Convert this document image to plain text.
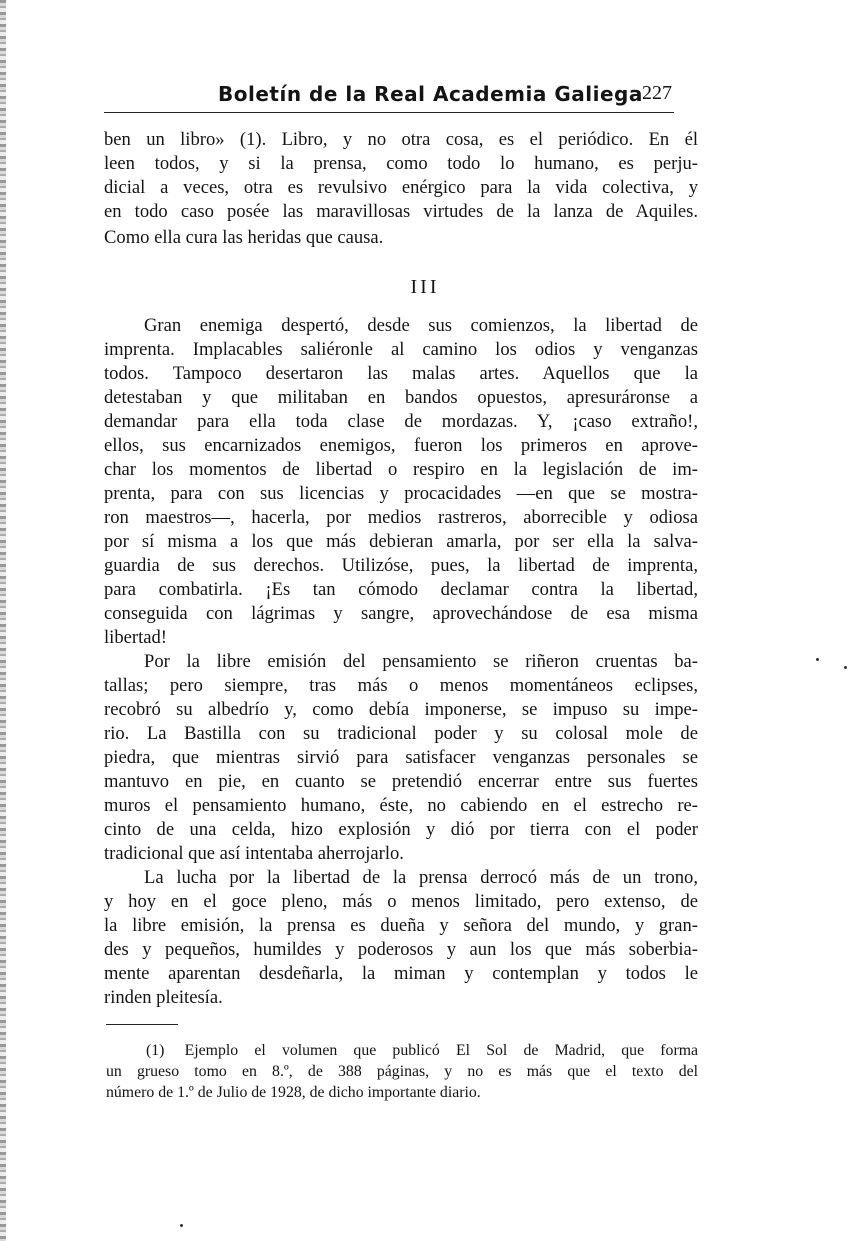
Boletín de la Real Academia Galiega 227
ben un libro» (1). Libro, y no otra cosa, es el periódico. En él
leen todos, y si la prensa, como todo lo humano, es perju-
dicial a veces, otra es revulsivo enérgico para la vida colectiva, y
en todo caso posée las maravillosas virtudes de la lanza de Aquiles.
Como ella cura las heridas que causa.
III
Gran enemiga despertó, desde sus comienzos, la libertad de
imprenta. Implacables saliéronle al camino los odios y venganzas
todos. Tampoco desertaron las malas artes. Aquellos que la
detestaban y que militaban en bandos opuestos, apresuráronse a
demandar para ella toda clase de mordazas. Y, ¡caso extraño!,
ellos, sus encarnizados enemigos, fueron los primeros en aprove-
char los momentos de libertad o respiro en la legislación de im-
prenta, para con sus licencias y procacidades —en que se mostra-
ron maestros—, hacerla, por medios rastreros, aborrecible y odiosa
por sí misma a los que más debieran amarla, por ser ella la salva-
guardia de sus derechos. Utilizóse, pues, la libertad de imprenta,
para combatirla. ¡Es tan cómodo declamar contra la libertad,
conseguida con lágrimas y sangre, aprovechándose de esa misma
libertad!
Por la libre emisión del pensamiento se riñeron cruentas ba-
tallas; pero siempre, tras más o menos momentáneos eclipses,
recobró su albedrío y, como debía imponerse, se impuso su impe-
rio. La Bastilla con su tradicional poder y su colosal mole de
piedra, que mientras sirvió para satisfacer venganzas personales se
mantuvo en pie, en cuanto se pretendió encerrar entre sus fuertes
muros el pensamiento humano, éste, no cabiendo en el estrecho re-
cinto de una celda, hizo explosión y dió por tierra con el poder
tradicional que así intentaba aherrojarlo.
La lucha por la libertad de la prensa derrocó más de un trono,
y hoy en el goce pleno, más o menos limitado, pero extenso, de
la libre emisión, la prensa es dueña y señora del mundo, y gran-
des y pequeños, humildes y poderosos y aun los que más soberbia-
mente aparentan desdeñarla, la miman y contemplan y todos le
rinden pleitesía.
(1) Ejemplo el volumen que publicó El Sol de Madrid, que forma
un grueso tomo en 8.º, de 388 páginas, y no es más que el texto del
número de 1.º de Julio de 1928, de dicho importante diario.
